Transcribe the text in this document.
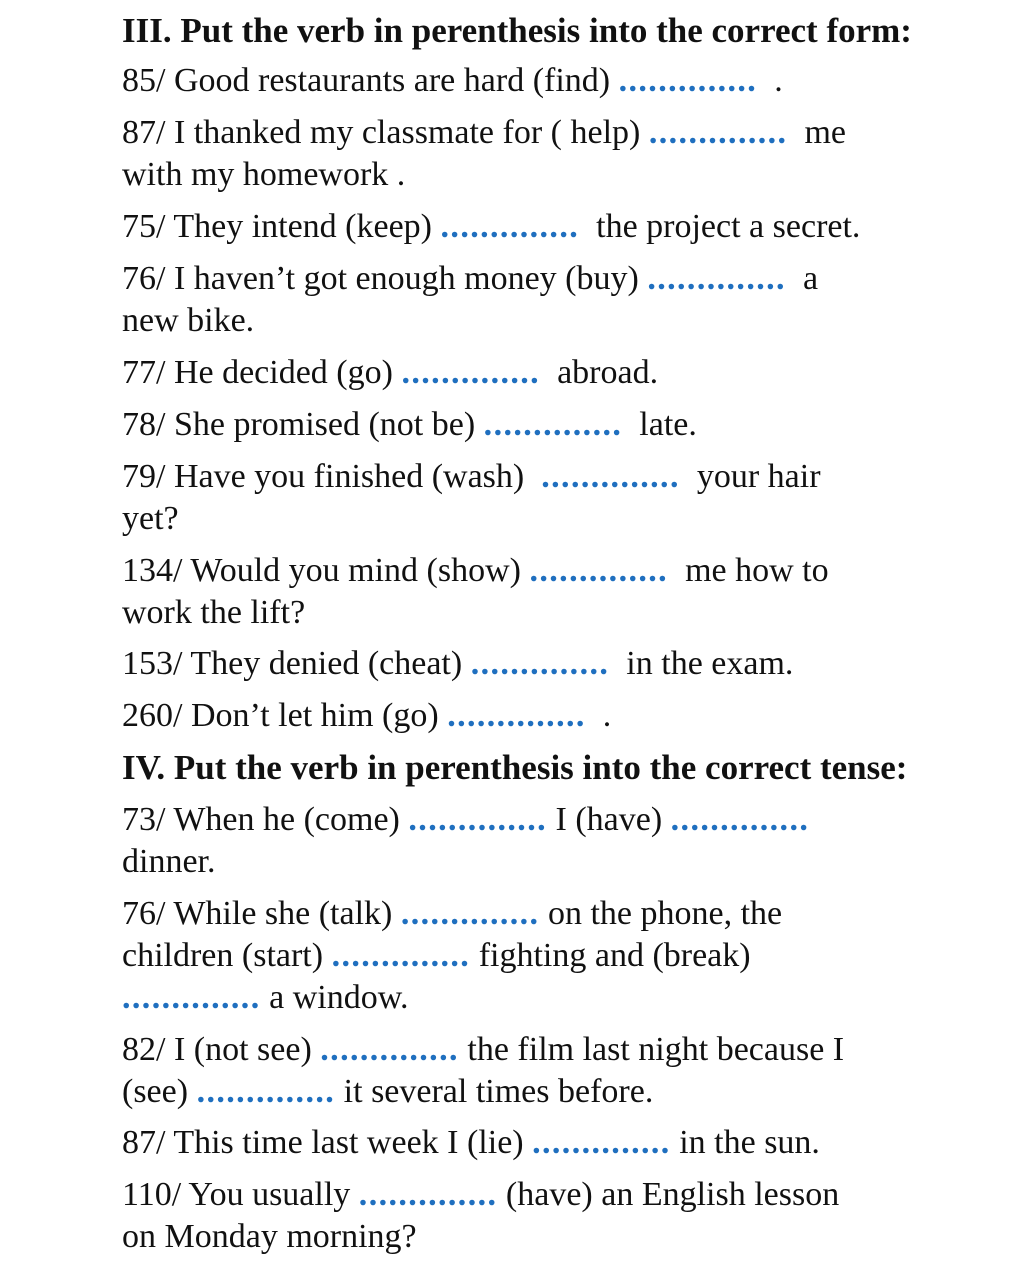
III. Put the verb in perenthesis into the correct form:
85/ Good restaurants are hard (find) ..............  .
87/ I thanked my classmate for ( help) ..............  me
with my homework .
75/ They intend (keep) ..............  the project a secret.
76/ I haven’t got enough money (buy) ..............  a
new bike.
77/ He decided (go) ..............  abroad.
78/ She promised (not be) ..............  late.
79/ Have you finished (wash)  ..............  your hair
yet?
134/ Would you mind (show) ..............  me how to
work the lift?
153/ They denied (cheat) ..............  in the exam.
260/ Don’t let him (go) ..............  .
IV. Put the verb in perenthesis into the correct tense:
73/ When he (come) .............. I (have) ..............
dinner.
76/ While she (talk) .............. on the phone, the
children (start) .............. fighting and (break)
.............. a window.
82/ I (not see) .............. the film last night because I
(see) .............. it several times before.
87/ This time last week I (lie) .............. in the sun.
110/ You usually .............. (have) an English lesson
on Monday morning?
